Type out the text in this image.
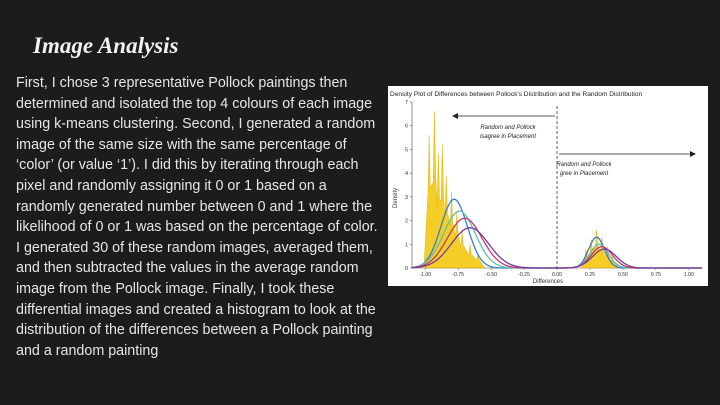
Image Analysis
First, I chose 3 representative Pollock paintings then determined and isolated the top 4 colours of each image using k-means clustering. Second, I generated a random image of the same size with the same percentage of ‘color’ (or value ‘1’). I did this by iterating through each pixel and randomly assigning it 0 or 1 based on a randomly generated number between 0 and 1 where the likelihood of 0 or 1 was based on the percentage of color. I generated 30 of these random images, averaged them, and then subtracted the values in the average random image from the Pollock image. Finally, I took these differential images and created a histogram to look at the distribution of the differences between a Pollock painting and a random painting
Density Plot of Differences between Pollock's Distribution and the Random Distribution
Density
Differences
0
1
2
3
4
5
6
7
-1.00	-0.75	-0.50	-0.25	0.00	0.25	0.50	0.75	1.00
Random and Pollock
isagree in Placement
Random and Pollock
gree in Placement
